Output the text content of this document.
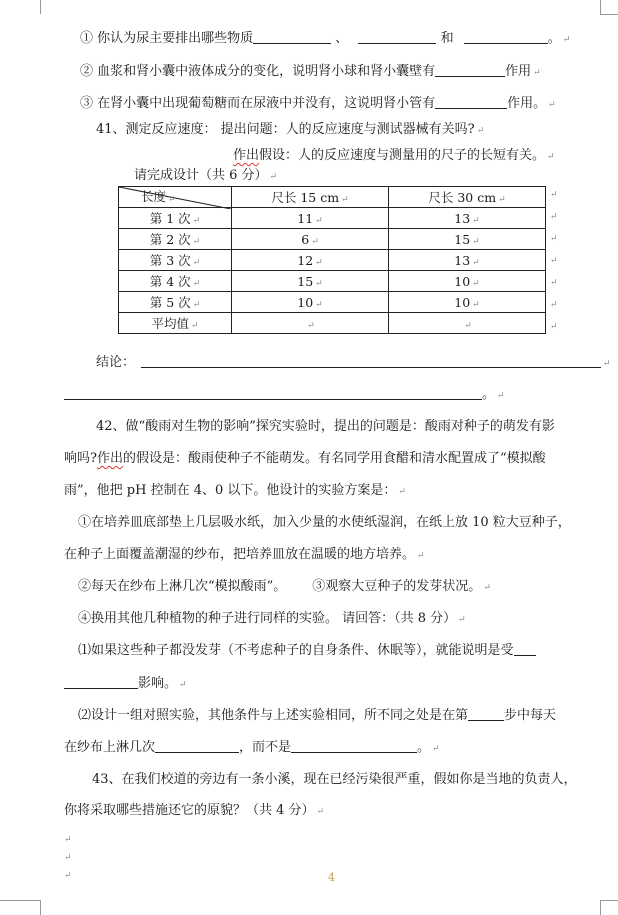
① 你认为尿主要排出哪些物质	、	和	。 ↵
② 血浆和肾小囊中液体成分的变化，说明肾小球和肾小囊壁有	作用 ↵
③ 在肾小囊中出现葡萄糖而在尿液中并没有，这说明肾小管有	作用。 ↵
41、测定反应速度： 提出问题：人的反应速度与测试器械有关吗? ↵
作出假设：人的反应速度与测量用的尺子的长短有关。 ↵
请完成设计（共 6 分） ↵
长度 ↵	尺长 15 cm ↵	尺长 30 cm ↵
第 1 次 ↵	11 ↵	13 ↵
第 2 次 ↵	6 ↵	15 ↵
第 3 次 ↵	12 ↵	13 ↵
第 4 次 ↵	15 ↵	10 ↵
第 5 次 ↵	10 ↵	10 ↵
平均值 ↵	↵	↵
↵
↵
↵
↵
↵
↵
↵
结论：	↵
。 ↵
42、做“酸雨对生物的影响”探究实验时，提出的问题是：酸雨对种子的萌发有影
响吗?作出的假设是：酸雨使种子不能萌发。有名同学用食醋和清水配置成了“模拟酸
雨”，他把 pH 控制在 4、0 以下。他设计的实验方案是： ↵
①在培养皿底部垫上几层吸水纸，加入少量的水使纸湿润，在纸上放 10 粒大豆种子，
在种子上面覆盖潮湿的纱布，把培养皿放在温暖的地方培养。 ↵
②每天在纱布上淋几次“模拟酸雨”。 ③观察大豆种子的发芽状况。 ↵
④换用其他几种植物的种子进行同样的实验。 请回答：（共 8 分） ↵
⑴如果这些种子都没发芽（不考虑种子的自身条件、休眠等），就能说明是受
影响。 ↵
⑵设计一组对照实验，其他条件与上述实验相同，所不同之处是在第	步中每天
在纱布上淋几次	，而不是	。 ↵
43、在我们校道的旁边有一条小溪，现在已经污染很严重，假如你是当地的负责人，
你将采取哪些措施还它的原貌？（共 4 分） ↵
↵
↵
↵	4
